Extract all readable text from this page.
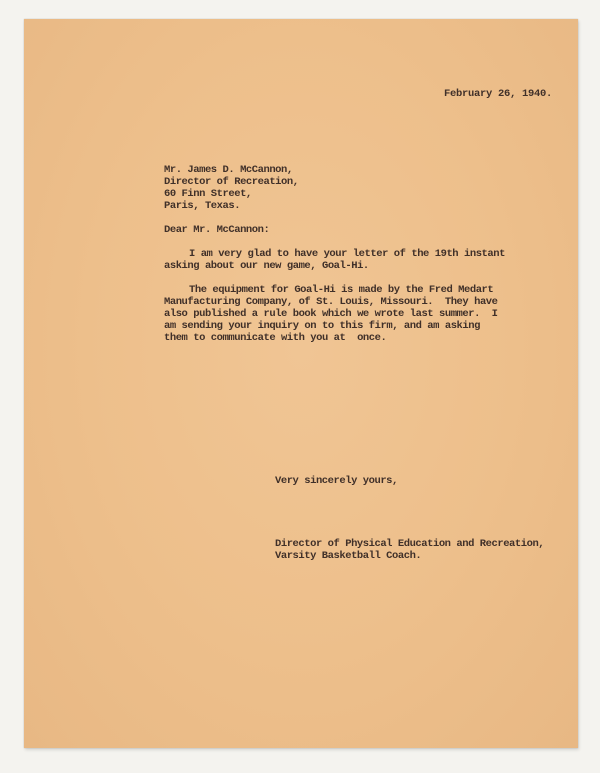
February 26, 1940.
Mr. James D. McCannon,
Director of Recreation,
60 Finn Street,
Paris, Texas.
Dear Mr. McCannon:
I am very glad to have your letter of the 19th instant
asking about our new game, Goal-Hi.
The equipment for Goal-Hi is made by the Fred Medart
Manufacturing Company, of St. Louis, Missouri.  They have
also published a rule book which we wrote last summer.  I
am sending your inquiry on to this firm, and am asking
them to communicate with you at  once.
Very sincerely yours,
Director of Physical Education and Recreation,
Varsity Basketball Coach.
